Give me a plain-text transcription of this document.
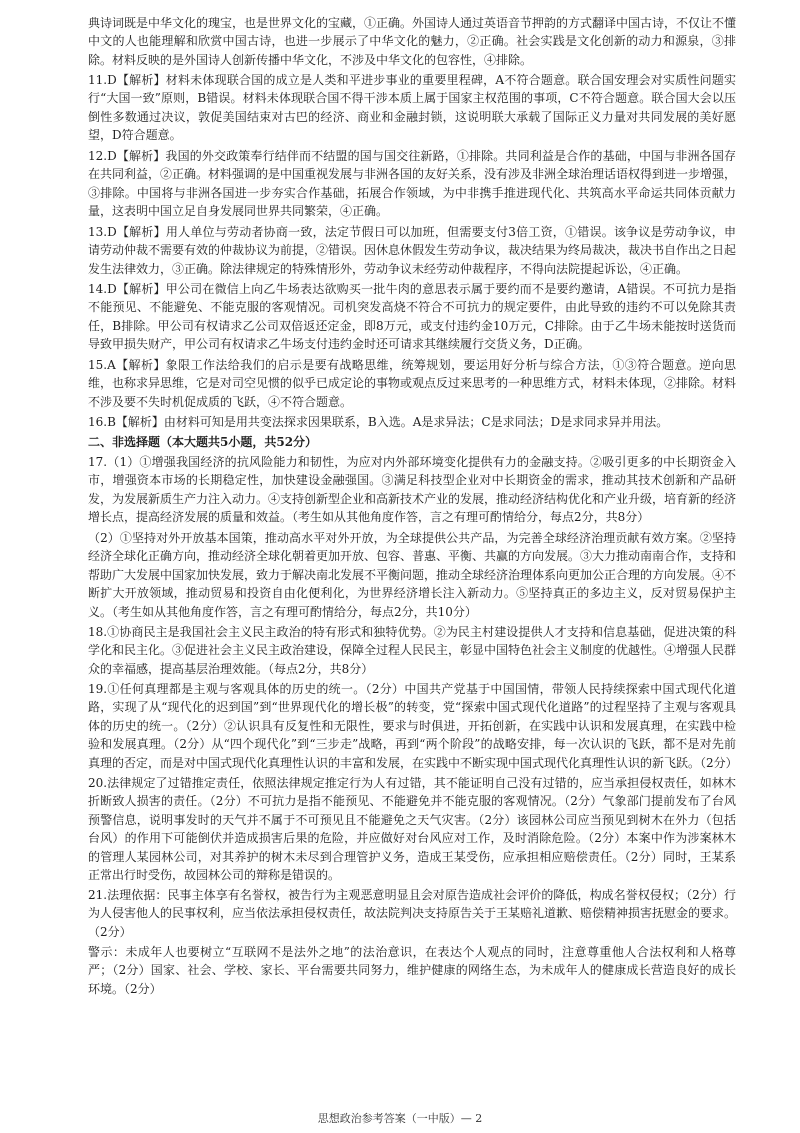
典诗词既是中华文化的瑰宝，也是世界文化的宝藏，①正确。外国诗人通过英语音节押韵的方式翻译中国古诗，不仅让不懂中文的人也能理解和欣赏中国古诗，也进一步展示了中华文化的魅力，②正确。社会实践是文化创新的动力和源泉，③排除。材料反映的是外国诗人创新传播中华文化，不涉及中华文化的包容性，④排除。
11.D【解析】材料未体现联合国的成立是人类和平进步事业的重要里程碑，A不符合题意。联合国安理会对实质性问题实行“大国一致”原则，B错误。材料未体现联合国不得干涉本质上属于国家主权范围的事项，C不符合题意。联合国大会以压倒性多数通过决议，敦促美国结束对古巴的经济、商业和金融封锁，这说明联大承载了国际正义力量对共同发展的美好愿望，D符合题意。
12.D【解析】我国的外交政策奉行结伴而不结盟的国与国交往新路，①排除。共同利益是合作的基础，中国与非洲各国存在共同利益，②正确。材料强调的是中国重视发展与非洲各国的友好关系，没有涉及非洲全球治理话语权得到进一步增强，③排除。中国将与非洲各国进一步夯实合作基础，拓展合作领域，为中非携手推进现代化、共筑高水平命运共同体贡献力量，这表明中国立足自身发展同世界共同繁荣，④正确。
13.D【解析】用人单位与劳动者协商一致，法定节假日可以加班，但需要支付3倍工资，①错误。该争议是劳动争议，申请劳动仲裁不需要有效的仲裁协议为前提，②错误。因休息休假发生劳动争议，裁决结果为终局裁决，裁决书自作出之日起发生法律效力，③正确。除法律规定的特殊情形外，劳动争议未经劳动仲裁程序，不得向法院提起诉讼，④正确。
14.D【解析】甲公司在微信上向乙牛场表达欲购买一批牛肉的意思表示属于要约而不是要约邀请，A错误。不可抗力是指不能预见、不能避免、不能克服的客观情况。司机突发高烧不符合不可抗力的规定要件，由此导致的违约不可以免除其责任，B排除。甲公司有权请求乙公司双倍返还定金，即8万元，或支付违约金10万元，C排除。由于乙牛场未能按时送货而导致甲损失财产，甲公司有权请求乙牛场支付违约金时还可请求其继续履行交货义务，D正确。
15.A【解析】象限工作法给我们的启示是要有战略思维，统筹规划，要运用好分析与综合方法，①③符合题意。逆向思维，也称求异思维，它是对司空见惯的似乎已成定论的事物或观点反过来思考的一种思维方式，材料未体现，②排除。材料不涉及要不失时机促成质的飞跃，④不符合题意。
16.B【解析】由材料可知是用共变法探求因果联系，B入选。A是求异法；C是求同法；D是求同求异并用法。
二、非选择题（本大题共5小题，共52分）
17.（1）①增强我国经济的抗风险能力和韧性，为应对内外部环境变化提供有力的金融支持。②吸引更多的中长期资金入市，增强资本市场的长期稳定性，加快建设金融强国。③满足科技型企业对中长期资金的需求，推动其技术创新和产品研发，为发展新质生产力注入动力。④支持创新型企业和高新技术产业的发展，推动经济结构优化和产业升级，培育新的经济增长点，提高经济发展的质量和效益。（考生如从其他角度作答，言之有理可酌情给分，每点2分，共8分）
（2）①坚持对外开放基本国策，推动高水平对外开放，为全球提供公共产品，为完善全球经济治理贡献有效方案。②坚持经济全球化正确方向，推动经济全球化朝着更加开放、包容、普惠、平衡、共赢的方向发展。③大力推动南南合作，支持和帮助广大发展中国家加快发展，致力于解决南北发展不平衡问题，推动全球经济治理体系向更加公正合理的方向发展。④不断扩大开放领域，推动贸易和投资自由化便利化，为世界经济增长注入新动力。⑤坚持真正的多边主义，反对贸易保护主义。（考生如从其他角度作答，言之有理可酌情给分，每点2分，共10分）
18.①协商民主是我国社会主义民主政治的特有形式和独特优势。②为民主村建设提供人才支持和信息基础，促进决策的科学化和民主化。③促进社会主义民主政治建设，保障全过程人民民主，彰显中国特色社会主义制度的优越性。④增强人民群众的幸福感，提高基层治理效能。（每点2分，共8分）
19.①任何真理都是主观与客观具体的历史的统一。（2分）中国共产党基于中国国情，带领人民持续探索中国式现代化道路，实现了从“现代化的迟到国”到“世界现代化的增长极”的转变，党“探索中国式现代化道路”的过程坚持了主观与客观具体的历史的统一。（2分）②认识具有反复性和无限性，要求与时俱进，开拓创新，在实践中认识和发展真理，在实践中检验和发展真理。（2分）从“四个现代化”到“三步走”战略，再到“两个阶段”的战略安排，每一次认识的飞跃，都不是对先前真理的否定，而是对中国式现代化真理性认识的丰富和发展，在实践中不断实现中国式现代化真理性认识的新飞跃。（2分）
20.法律规定了过错推定责任，依照法律规定推定行为人有过错，其不能证明自己没有过错的，应当承担侵权责任，如林木折断致人损害的责任。（2分）不可抗力是指不能预见、不能避免并不能克服的客观情况。（2分）气象部门提前发布了台风预警信息，说明事发时的天气并不属于不可预见且不能避免之天气灾害。（2分）该园林公司应当预见到树木在外力（包括台风）的作用下可能倒伏并造成损害后果的危险，并应做好对台风应对工作，及时消除危险。（2分）本案中作为涉案林木的管理人某园林公司，对其养护的树木未尽到合理管护义务，造成王某受伤，应承担相应赔偿责任。（2分）同时，王某系正常出行时受伤，故园林公司的辩称是错误的。
21.法理依据：民事主体享有名誉权，被告行为主观恶意明显且会对原告造成社会评价的降低，构成名誉权侵权；（2分）行为人侵害他人的民事权利，应当依法承担侵权责任，故法院判决支持原告关于王某赔礼道歉、赔偿精神损害抚慰金的要求。（2分）
警示：未成年人也要树立“互联网不是法外之地”的法治意识，在表达个人观点的同时，注意尊重他人合法权利和人格尊严；（2分）国家、社会、学校、家长、平台需要共同努力，维护健康的网络生态，为未成年人的健康成长营造良好的成长环境。（2分）
思想政治参考答案（一中版）— 2
